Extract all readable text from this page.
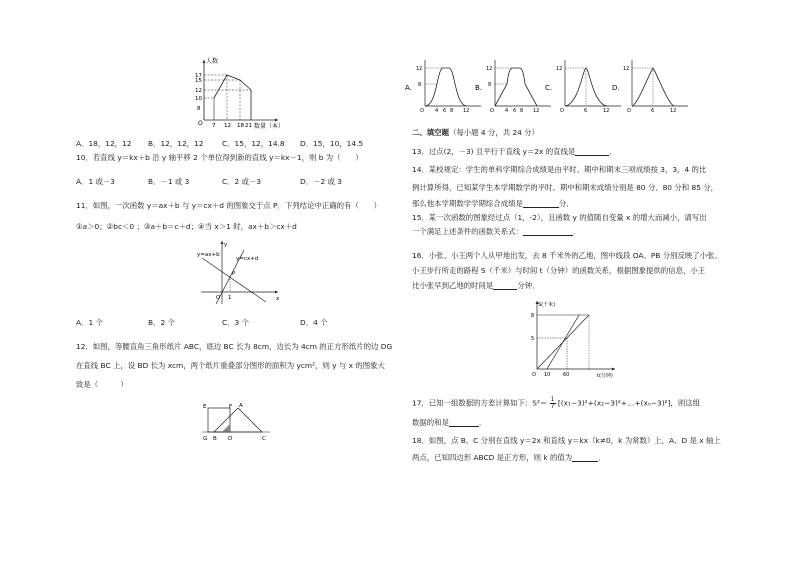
人数
数量（本）
O
17
15
12
10
8
7 12 18 21
A．18，12，12 B．12，12，12	C．15，12，14.8 D．15，10，14.5
10．若直线 y＝kx＋b 沿 y 轴平移 2 个单位得到新的直线 y＝kx－1，则 b 为（　　）
A．1 或－3	B．－1 或 3	C．2 或－3	D．－2 或 3
11．如图，一次函数 y＝ax＋b 与 y＝cx＋d 的图象交于点 P．下列结论中正确的有（　　）
①a＞0；②bc＜0 ；③a＋b＝c＋d；④当 x＞1 时，ax＋b＞cx＋d
y=ax+b
y=cx+d
P
O 1	x
y
A．1 个	B．2 个	C．3 个	D．4 个
12．如图，等腰直角三角形纸片 ABC，底边 BC 长为 8cm，边长为 4cm 的正方形纸片的边 DG
在直线 BC 上，设 BD 长为 xcm，两个纸片重叠部分图形的面积为 ycm²，则 y 与 x 的图象大
致是（　　　）
E	F A
G B D	C
A.
12
8
O 4 6 8 12
B.
12
8
O 4 6 8 12
C.
12
O	6	12
D.
12
O	6	12
二、填空题（每小题 4 分，共 24 分）
13．过点(2，－3) 且平行于直线 y＝2x 的直线是	．
14．某校规定：学生的单科学期综合成绩是由平时、期中和期末三项成绩按 3，3，4 的比
例计算所得，已知某学生本学期数学的平时、期中和期末成绩分别是 80 分、80 分和 85 分，
那么他本学期数学学期综合成绩是	分．
15．某一次函数的图象经过点（1，-2），且函数 y 的值随自变量 x 的增大而减小，请写出
一个满足上述条件的函数关系式：	．
16．小张、小王两个人从甲地出发，去 8 千米外的乙地，图中线段 OA、PB 分别反映了小张、
小王步行所走的路程 S（千米）与时间 t（分钟）的函数关系，根据图象提供的信息，小王
比小张早到乙地的时间是	分钟．
S(千米)
t(分钟)
8
5
O 10	60
17．已知一组数据的方差计算如下：$S^2= \frac{1}{7}$ [(x₁−3)²+(x₂−3)²+…+(xₙ−3)²]，则这组
数据的和是	．
18．如图，点 B、C 分别在直线 y＝2x 和直线 y＝kx（k≠0，k 为常数）上，A、D 是 x 轴上
两点，已知四边形 ABCD 是正方形，则 k 的值为	．
